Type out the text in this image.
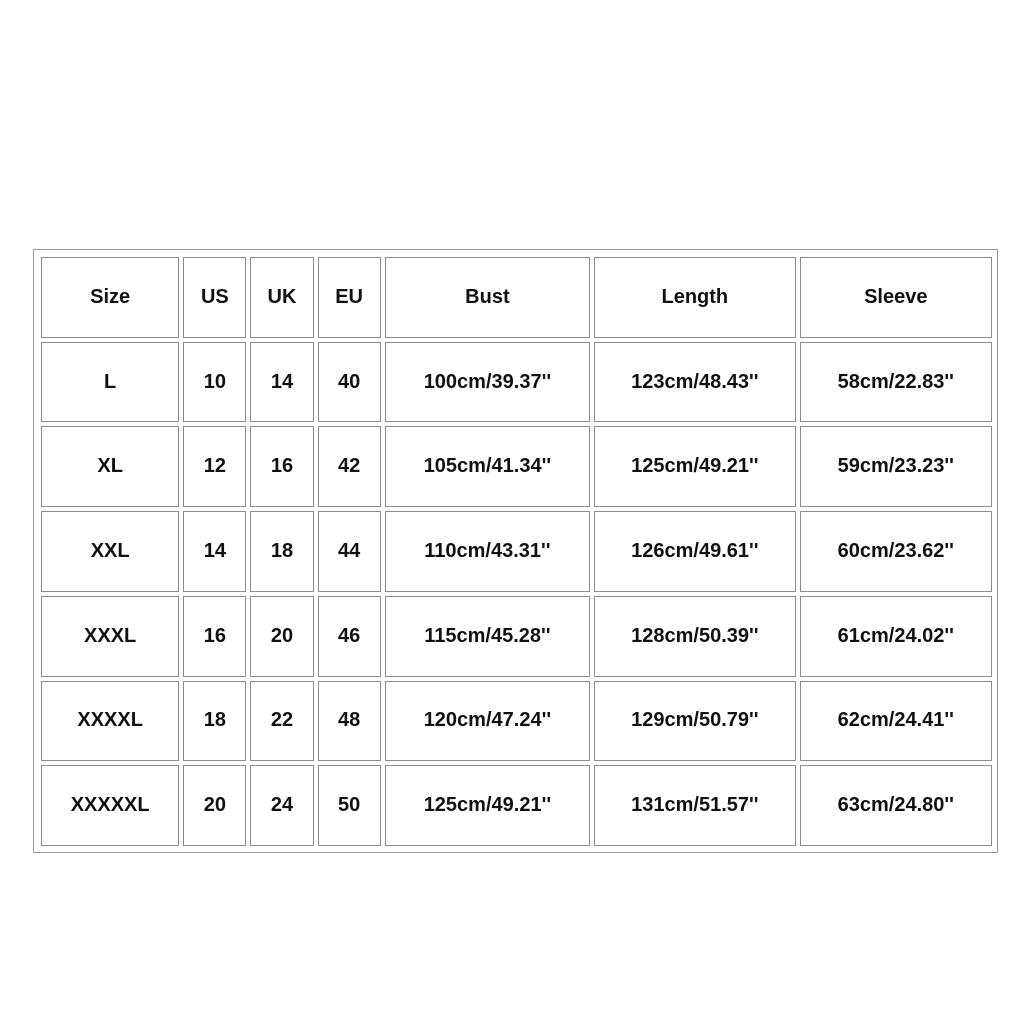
Size	US	UK	EU	Bust	Length	Sleeve
L	10	14	40	100cm/39.37''	123cm/48.43''	58cm/22.83''
XL	12	16	42	105cm/41.34''	125cm/49.21''	59cm/23.23''
XXL	14	18	44	110cm/43.31''	126cm/49.61''	60cm/23.62''
XXXL	16	20	46	115cm/45.28''	128cm/50.39''	61cm/24.02''
XXXXL	18	22	48	120cm/47.24''	129cm/50.79''	62cm/24.41''
XXXXXL	20	24	50	125cm/49.21''	131cm/51.57''	63cm/24.80''
